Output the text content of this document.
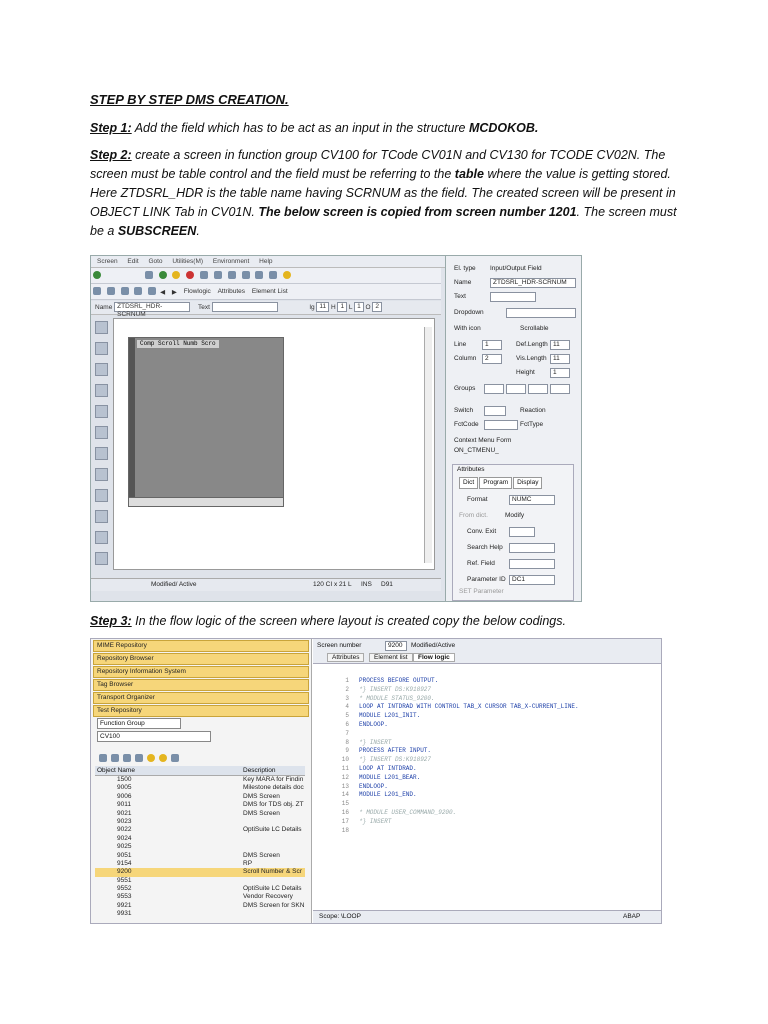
STEP BY STEP DMS CREATION.

Step 1: Add the field which has to be act as an input in the structure MCDOKOB.

Step 2: create a screen in function group CV100 for TCode CV01N and CV130 for TCODE CV02N. The screen must be table control and the field must be referring to the table where the value is getting stored. Here ZTDSRL_HDR is the table name having SCRNUM as the field. The created screen will be present in OBJECT LINK Tab in CV01N. The below screen is copied from screen number 1201. The screen must be a SUBSCREEN.

Screen Edit Goto Utilities(M) Environment Help

◀ ▶ Flowlogic Attributes Element List
Name ZTDSRL_HDR-SCRNUM Text	lg 11 H 1 L 1 O 2
Comp Scroll Numb Scro
Modified/ Active	120 CI x 21 L INS D91
El. type Input/Output Field
Name	ZTDSRL_HDR-SCRNUM
Text
Dropdown
With icon	Scrollable
Line	1	Def.Length 11
Column	2	Vis.Length 11
Height	1
Groups
Switch	Reaction
FctCode	FctType
Context Menu Form
ON_CTMENU_
Attributes
Dict Program Display
Format	NUMC
From dict.	Modify
Conv. Exit
Search Help
Ref. Field
Parameter ID DC1
SET Parameter

Step 3: In the flow logic of the screen where layout is created copy the below codings.

MIME Repository
Repository Browser
Repository Information System
Tag Browser
Transport Organizer
Test Repository
Function Group
CV100
Object Name	Description
1500	Key MARA for Findin
9005	Milestone details doc
9006	DMS Screen
9011	DMS for TDS obj. ZT
9021	DMS Screen
9023
9022	OptiSuite LC Details
9024
9025
9051	DMS Screen
9154	RP
9200	Scroll Number & Scr
9551
9552	OptiSuite LC Details
9553	Vendor Recovery
9921	DMS Screen for SKN
9931
Screen number	9200	Modified/Active
Attributes	Element list	Flow logic
1 PROCESS BEFORE OUTPUT.
2 *} INSERT DS:K918927
3 * MODULE STATUS_9200.
4 LOOP AT INTDRAD WITH CONTROL TAB_X CURSOR TAB_X-CURRENT_LINE.
5 MODULE L201_INIT.
6 ENDLOOP.
7
8 *} INSERT
9 PROCESS AFTER INPUT.
10 *} INSERT DS:K918927
11 LOOP AT INTDRAD.
12 MODULE L201_BEAR.
13 ENDLOOP.
14 MODULE L201_END.
15
16 * MODULE USER_COMMAND_9200.
17 *} INSERT
18
Scope: \LOOP	ABAP
